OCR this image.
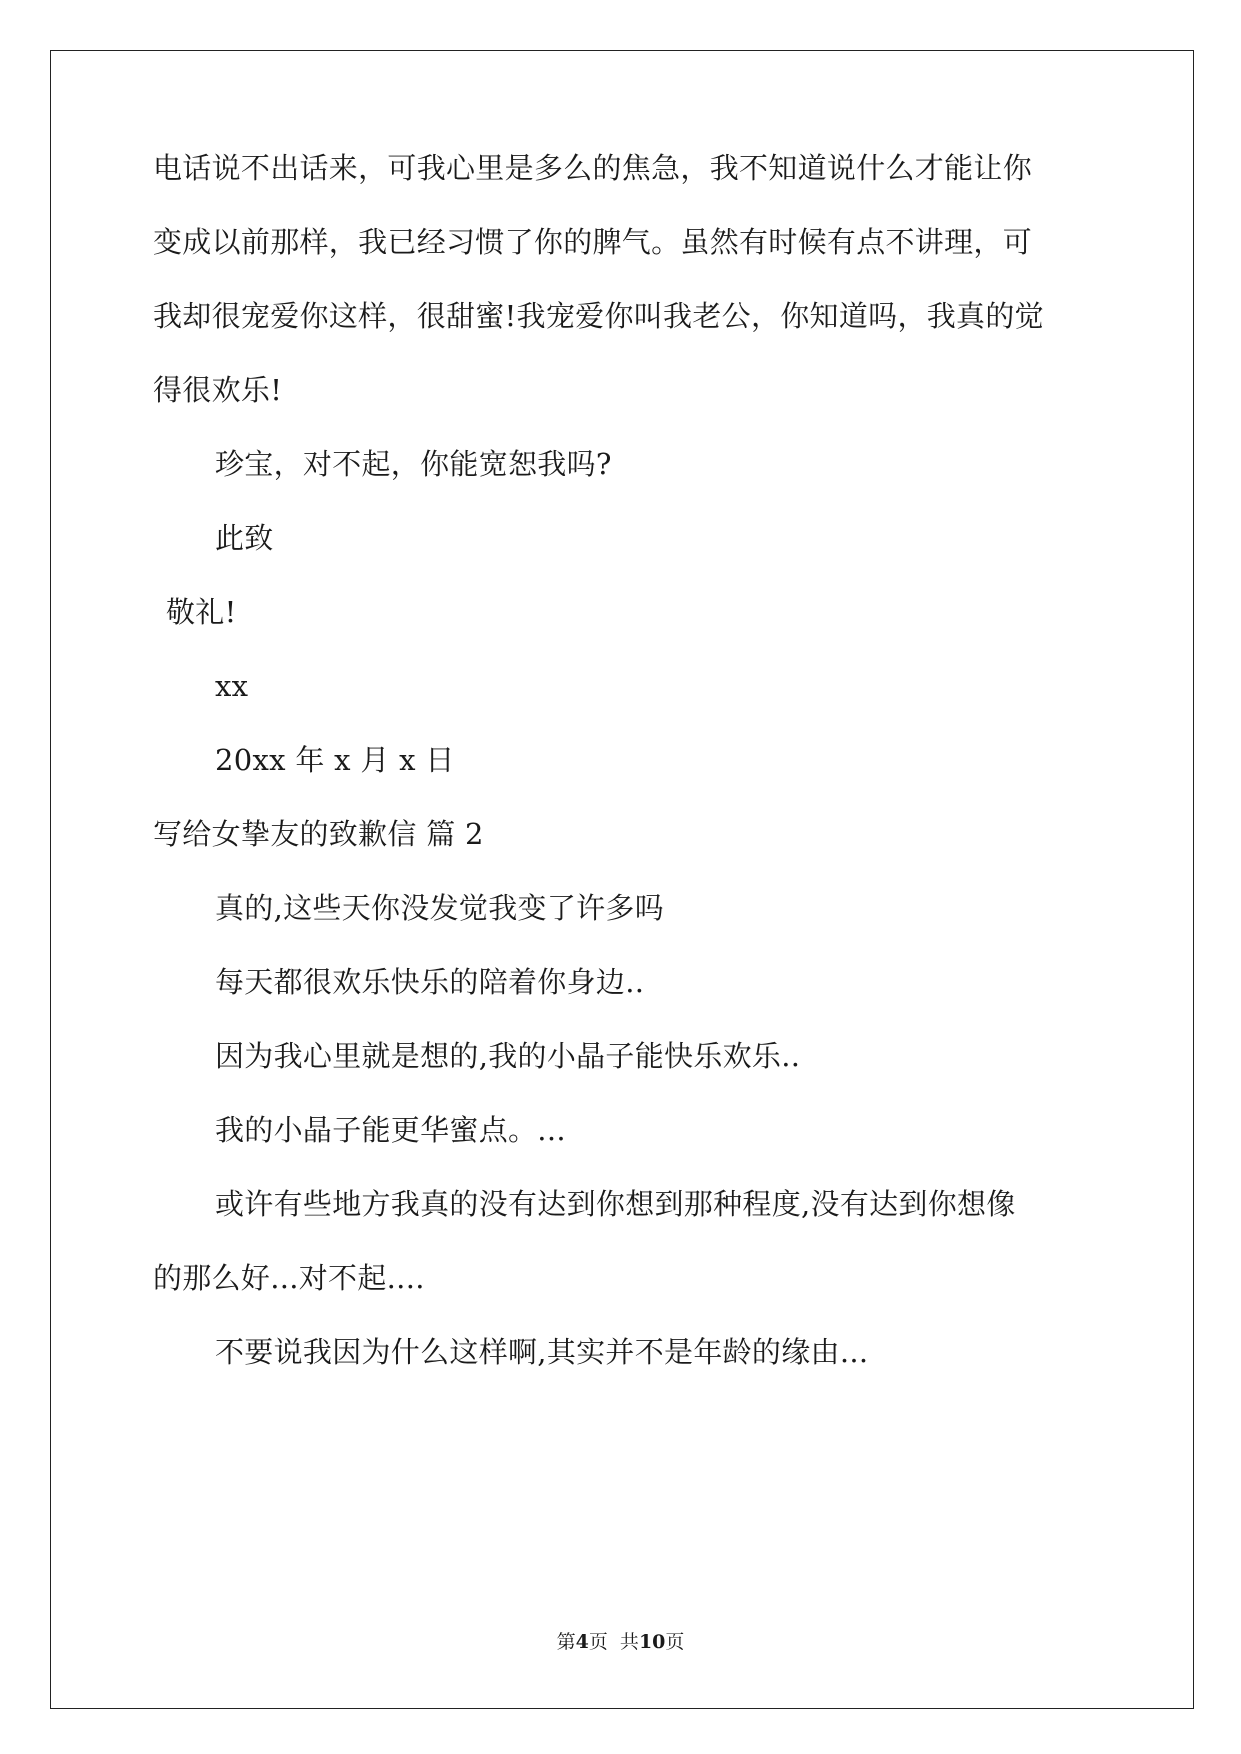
电话说不出话来，可我心里是多么的焦急，我不知道说什么才能让你
变成以前那样，我已经习惯了你的脾气。虽然有时候有点不讲理，可
我却很宠爱你这样，很甜蜜!我宠爱你叫我老公，你知道吗，我真的觉
得很欢乐!
珍宝，对不起，你能宽恕我吗?
此致
敬礼!
xx
20xx 年 x 月 x 日
写给女挚友的致歉信 篇 2
真的,这些天你没发觉我变了许多吗
每天都很欢乐快乐的陪着你身边..
因为我心里就是想的,我的小晶子能快乐欢乐..
我的小晶子能更华蜜点。...
或许有些地方我真的没有达到你想到那种程度,没有达到你想像
的那么好...对不起....
不要说我因为什么这样啊,其实并不是年龄的缘由...
第4页  共10页
